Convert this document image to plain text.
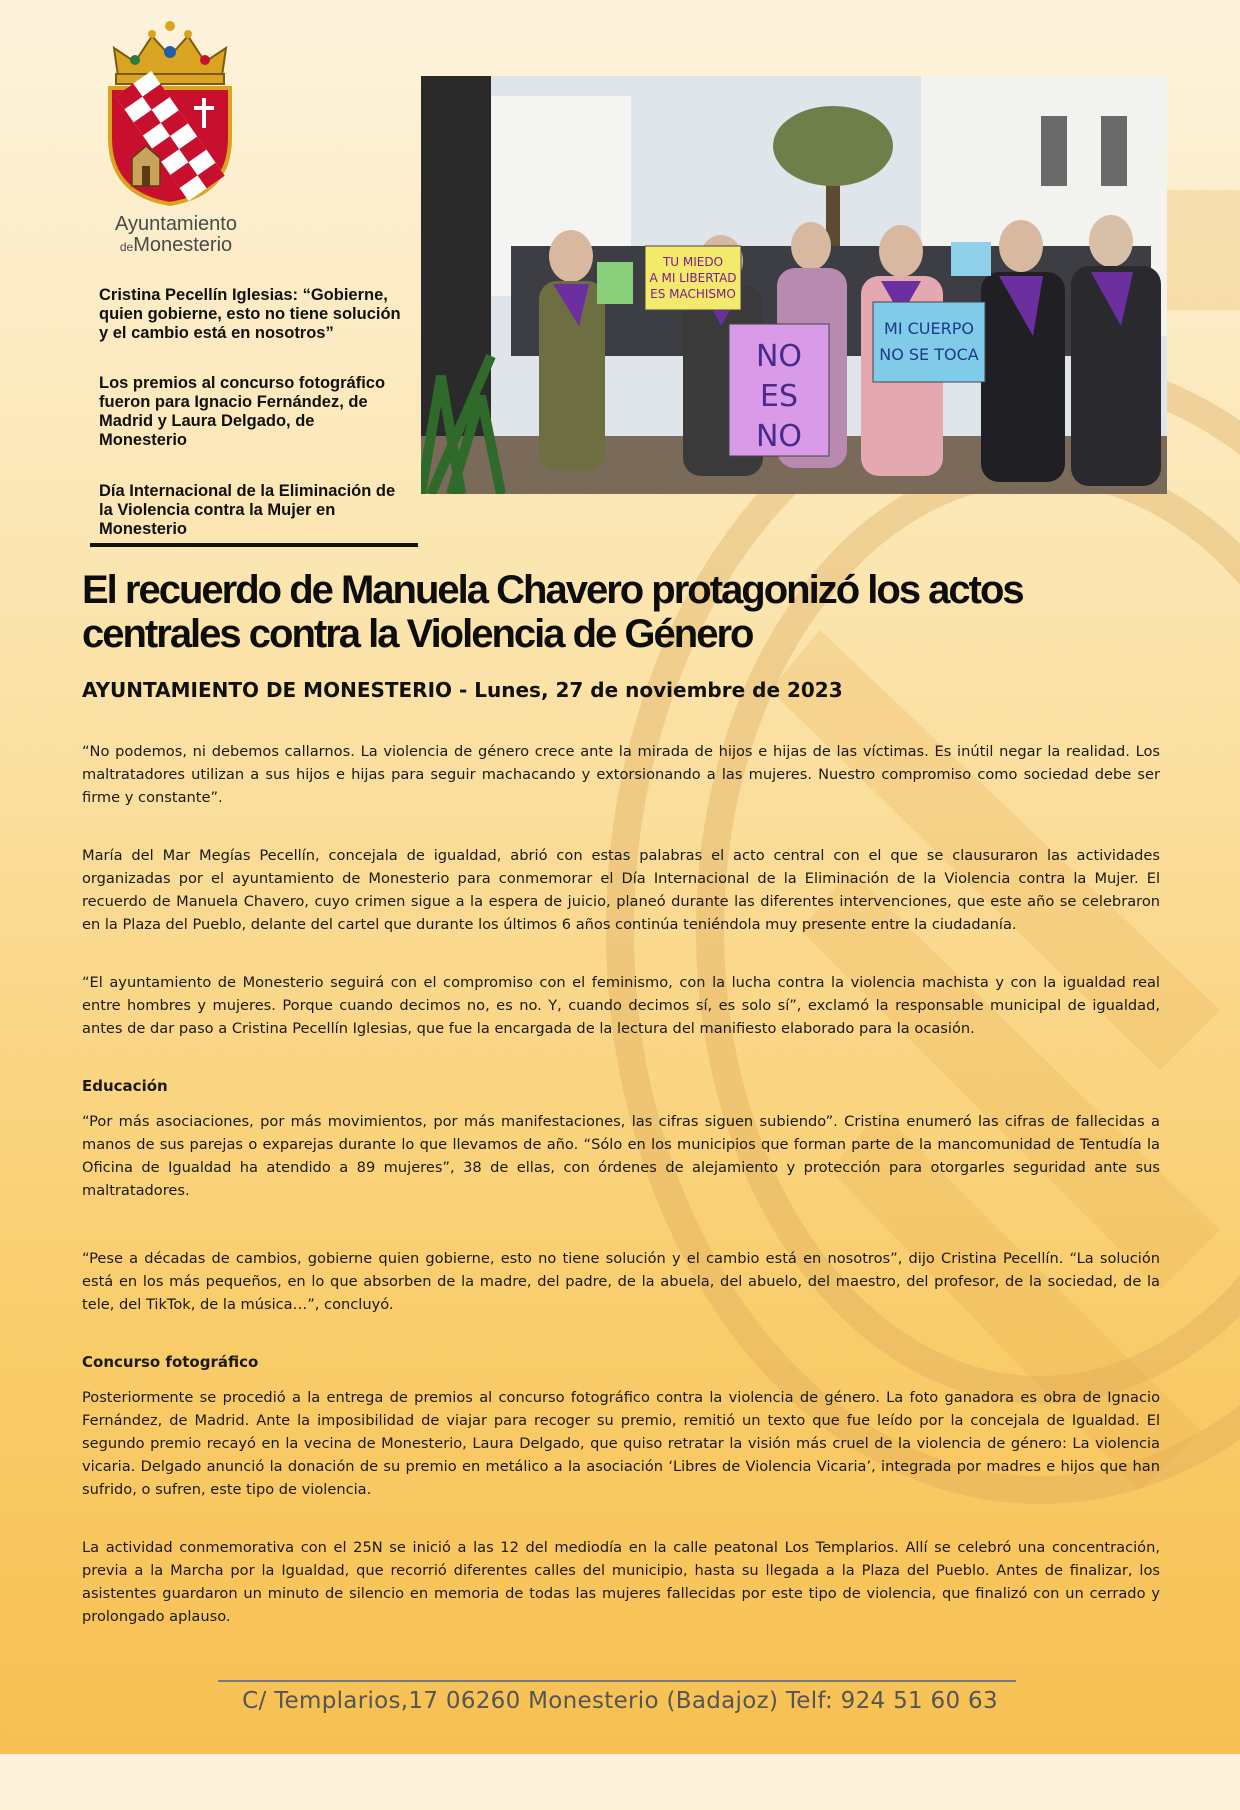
Ayuntamiento
deMonesterio

Cristina Pecellín Iglesias: “Gobierne, quien gobierne, esto no tiene solución y el cambio está en nosotros”

Los premios al concurso fotográfico fueron para Ignacio Fernández, de Madrid y Laura Delgado, de Monesterio

Día Internacional de la Eliminación de la Violencia contra la Mujer en Monesterio

TU MIEDO
A MI LIBERTAD
ES MACHISMO
NO
ES
NO
MI CUERPO
NO SE TOCA
El recuerdo de Manuela Chavero protagonizó los actos centrales contra la Violencia de Género
AYUNTAMIENTO DE MONESTERIO - Lunes, 27 de noviembre de 2023

“No podemos, ni debemos callarnos. La violencia de género crece ante la mirada de hijos e hijas de las víctimas. Es inútil negar la realidad. Los maltratadores utilizan a sus hijos e hijas para seguir machacando y extorsionando a las mujeres. Nuestro compromiso como sociedad debe ser firme y constante”.

María del Mar Megías Pecellín, concejala de igualdad, abrió con estas palabras el acto central con el que se clausuraron las actividades organizadas por el ayuntamiento de Monesterio para conmemorar el Día Internacional de la Eliminación de la Violencia contra la Mujer. El recuerdo de Manuela Chavero, cuyo crimen sigue a la espera de juicio, planeó durante las diferentes intervenciones, que este año se celebraron en la Plaza del Pueblo, delante del cartel que durante los últimos 6 años continúa teniéndola muy presente entre la ciudadanía.

“El ayuntamiento de Monesterio seguirá con el compromiso con el feminismo, con la lucha contra la violencia machista y con la igualdad real entre hombres y mujeres. Porque cuando decimos no, es no. Y, cuando decimos sí, es solo sí”, exclamó la responsable municipal de igualdad, antes de dar paso a Cristina Pecellín Iglesias, que fue la encargada de la lectura del manifiesto elaborado para la ocasión.

Educación

“Por más asociaciones, por más movimientos, por más manifestaciones, las cifras siguen subiendo”. Cristina enumeró las cifras de fallecidas a manos de sus parejas o exparejas durante lo que llevamos de año. “Sólo en los municipios que forman parte de la mancomunidad de Tentudía la Oficina de Igualdad ha atendido a 89 mujeres”, 38 de ellas, con órdenes de alejamiento y protección para otorgarles seguridad ante sus maltratadores.

“Pese a décadas de cambios, gobierne quien gobierne, esto no tiene solución y el cambio está en nosotros”, dijo Cristina Pecellín. “La solución está en los más pequeños, en lo que absorben de la madre, del padre, de la abuela, del abuelo, del maestro, del profesor, de la sociedad, de la tele, del TikTok, de la música…”, concluyó.

Concurso fotográfico

Posteriormente se procedió a la entrega de premios al concurso fotográfico contra la violencia de género. La foto ganadora es obra de Ignacio Fernández, de Madrid. Ante la imposibilidad de viajar para recoger su premio, remitió un texto que fue leído por la concejala de Igualdad. El segundo premio recayó en la vecina de Monesterio, Laura Delgado, que quiso retratar la visión más cruel de la violencia de género: La violencia vicaria. Delgado anunció la donación de su premio en metálico a la asociación ‘Libres de Violencia Vicaria’, integrada por madres e hijos que han sufrido, o sufren, este tipo de violencia.

La actividad conmemorativa con el 25N se inició a las 12 del mediodía en la calle peatonal Los Templarios. Allí se celebró una concentración, previa a la Marcha por la Igualdad, que recorrió diferentes calles del municipio, hasta su llegada a la Plaza del Pueblo. Antes de finalizar, los asistentes guardaron un minuto de silencio en memoria de todas las mujeres fallecidas por este tipo de violencia, que finalizó con un cerrado y prolongado aplauso.

C/ Templarios,17 06260 Monesterio (Badajoz) Telf: 924 51 60 63
